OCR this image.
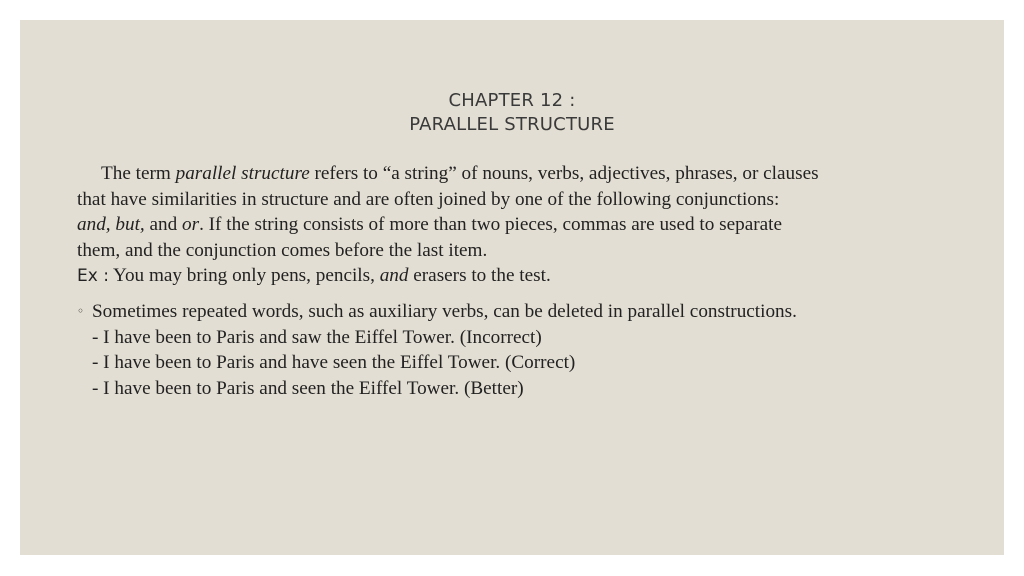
CHAPTER 12 :
PARALLEL STRUCTURE
The term parallel structure refers to “a string” of nouns, verbs, adjectives, phrases, or clauses
that have similarities in structure and are often joined by one of the following conjunctions:
and, but, and or. If the string consists of more than two pieces, commas are used to separate
them, and the conjunction comes before the last item.
Ex : You may bring only pens, pencils, and erasers to the test.
◦ Sometimes repeated words, such as auxiliary verbs, can be deleted in parallel constructions.
- I have been to Paris and saw the Eiffel Tower. (Incorrect)
- I have been to Paris and have seen the Eiffel Tower. (Correct)
- I have been to Paris and seen the Eiffel Tower. (Better)
